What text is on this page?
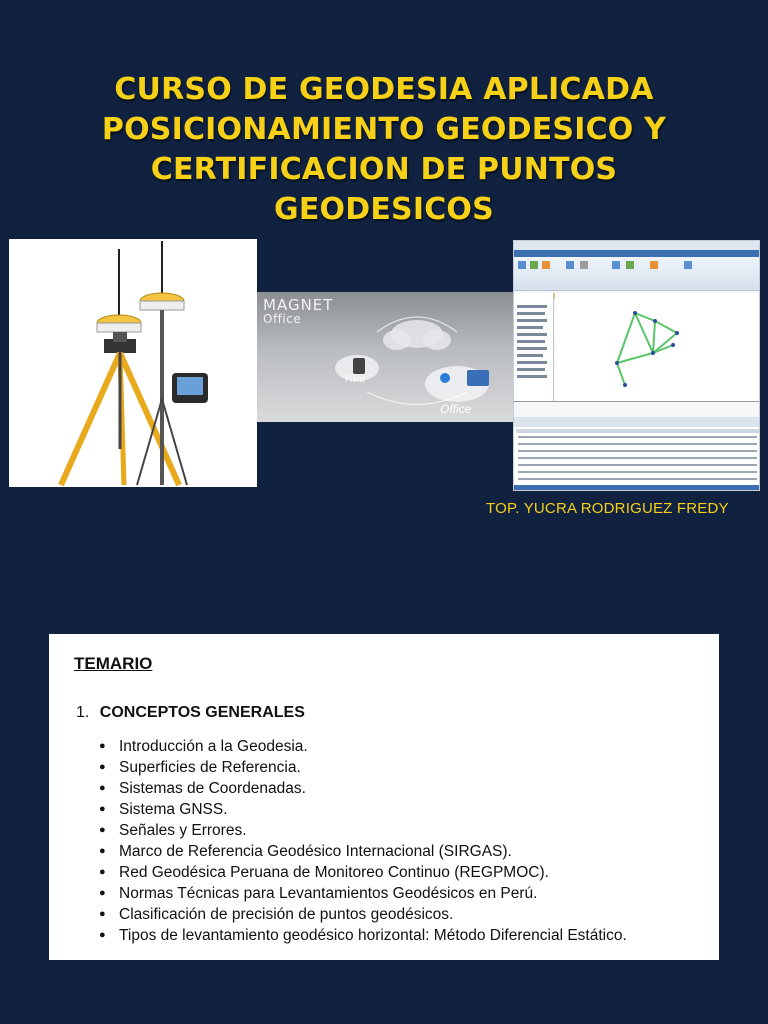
CURSO DE GEODESIA APLICADA
POSICIONAMIENTO GEODESICO Y
CERTIFICACION DE PUNTOS
GEODESICOS
MAGNET
Office
Field
Office
TOP. YUCRA RODRIGUEZ FREDY
TEMARIO
1. CONCEPTOS GENERALES
● Introducción a la Geodesia.
● Superficies de Referencia.
● Sistemas de Coordenadas.
● Sistema GNSS.
● Señales y Errores.
● Marco de Referencia Geodésico Internacional (SIRGAS).
● Red Geodésica Peruana de Monitoreo Continuo (REGPMOC).
● Normas Técnicas para Levantamientos Geodésicos en Perú.
● Clasificación de precisión de puntos geodésicos.
● Tipos de levantamiento geodésico horizontal: Método Diferencial Estático.
